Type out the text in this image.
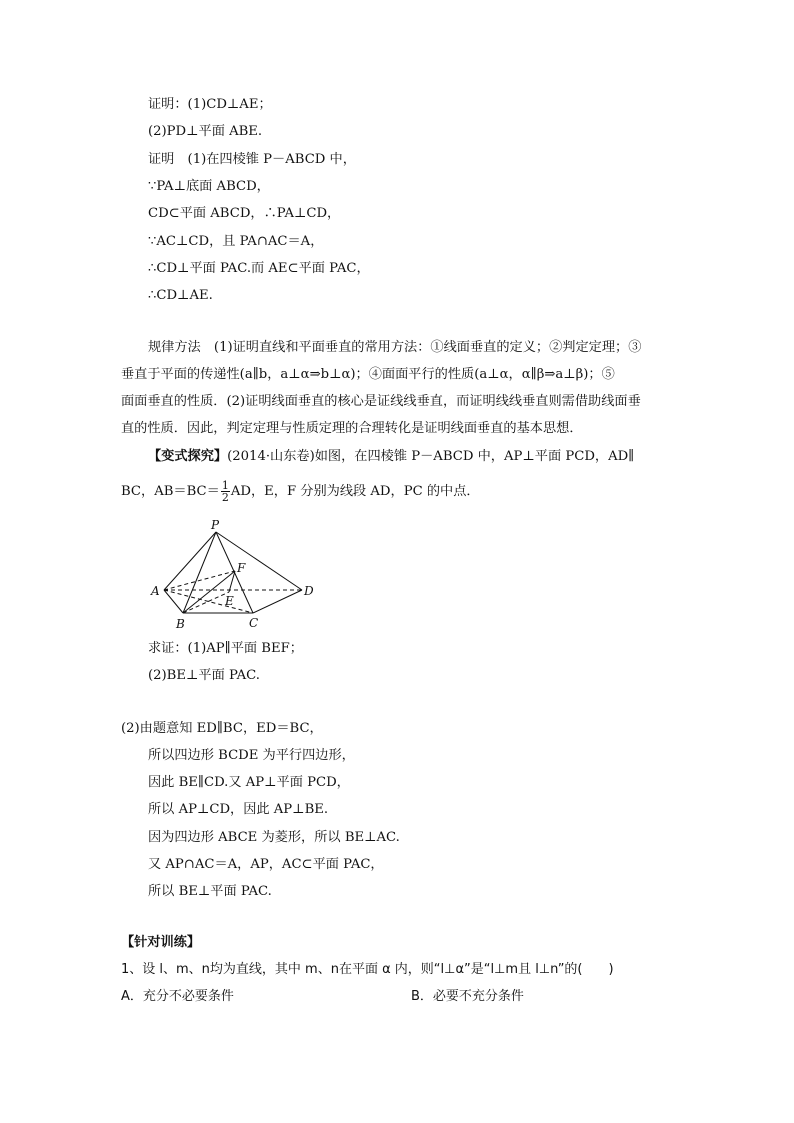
证明：(1)CD⊥AE；
(2)PD⊥平面 ABE.
证明　(1)在四棱锥 P－ABCD 中，
∵PA⊥底面 ABCD，
CD⊂平面 ABCD，∴PA⊥CD，
∵AC⊥CD，且 PA∩AC＝A，
∴CD⊥平面 PAC.而 AE⊂平面 PAC，
∴CD⊥AE.
规律方法　(1)证明直线和平面垂直的常用方法：①线面垂直的定义；②判定定理；③
垂直于平面的传递性(a∥b，a⊥α⇒b⊥α)；④面面平行的性质(a⊥α，α∥β⇒a⊥β)；⑤
面面垂直的性质．(2)证明线面垂直的核心是证线线垂直，而证明线线垂直则需借助线面垂
直的性质．因此，判定定理与性质定理的合理转化是证明线面垂直的基本思想．
【变式探究】(2014·山东卷)如图，在四棱锥 P－ABCD 中，AP⊥平面 PCD，AD∥
BC，$AB=BC= \frac{1}{2}$ AD，E，F 分别为线段 AD，PC 的中点．
P
A
B	C
D
E
F
求证：(1)AP∥平面 BEF；
(2)BE⊥平面 PAC.
(2)由题意知 ED∥BC，ED＝BC，
所以四边形 BCDE 为平行四边形，
因此 BE∥CD.又 AP⊥平面 PCD，
所以 AP⊥CD，因此 AP⊥BE.
因为四边形 ABCE 为菱形，所以 BE⊥AC.
又 AP∩AC＝A，AP，AC⊂平面 PAC，
所以 BE⊥平面 PAC.
【针对训练】
1、设 l、m、n均为直线，其中 m、n在平面 α 内，则“l⊥α”是“l⊥m且 l⊥n”的(　　)
A．充分不必要条件	B．必要不充分条件
